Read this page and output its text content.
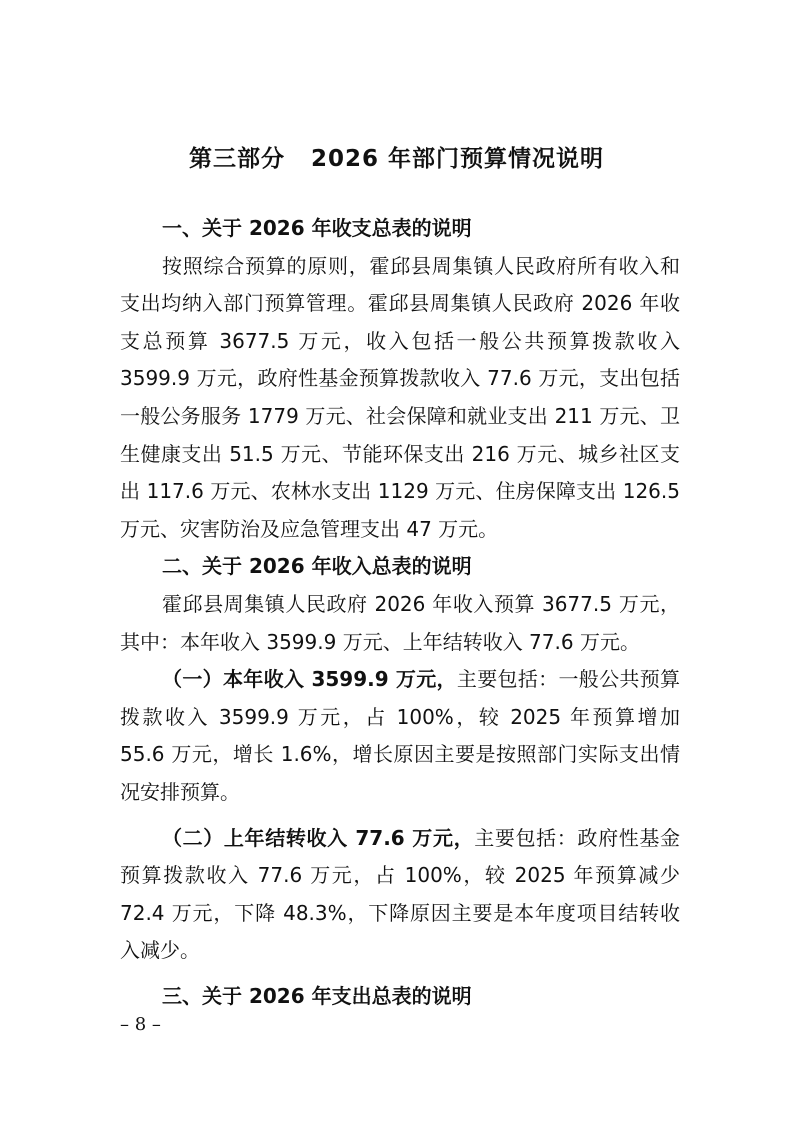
第三部分 2026 年部门预算情况说明

一、关于 2026 年收支总表的说明

按照综合预算的原则，霍邱县周集镇人民政府所有收入和支出均纳入部门预算管理。霍邱县周集镇人民政府 2026 年收支总预算 3677.5 万元，收入包括一般公共预算拨款收入 3599.9 万元，政府性基金预算拨款收入 77.6 万元，支出包括一般公务服务 1779 万元、社会保障和就业支出 211 万元、卫生健康支出 51.5 万元、节能环保支出 216 万元、城乡社区支出 117.6 万元、农林水支出 1129 万元、住房保障支出 126.5 万元、灾害防治及应急管理支出 47 万元。

二、关于 2026 年收入总表的说明

霍邱县周集镇人民政府 2026 年收入预算 3677.5 万元，其中：本年收入 3599.9 万元、上年结转收入 77.6 万元。

（一）本年收入 3599.9 万元，主要包括：一般公共预算拨款收入 3599.9 万元，占 100%，较 2025 年预算增加 55.6 万元，增长 1.6%，增长原因主要是按照部门实际支出情况安排预算。

（二）上年结转收入 77.6 万元，主要包括：政府性基金预算拨款收入 77.6 万元，占 100%，较 2025 年预算减少 72.4 万元，下降 48.3%，下降原因主要是本年度项目结转收入减少。

三、关于 2026 年支出总表的说明

– 8 –
